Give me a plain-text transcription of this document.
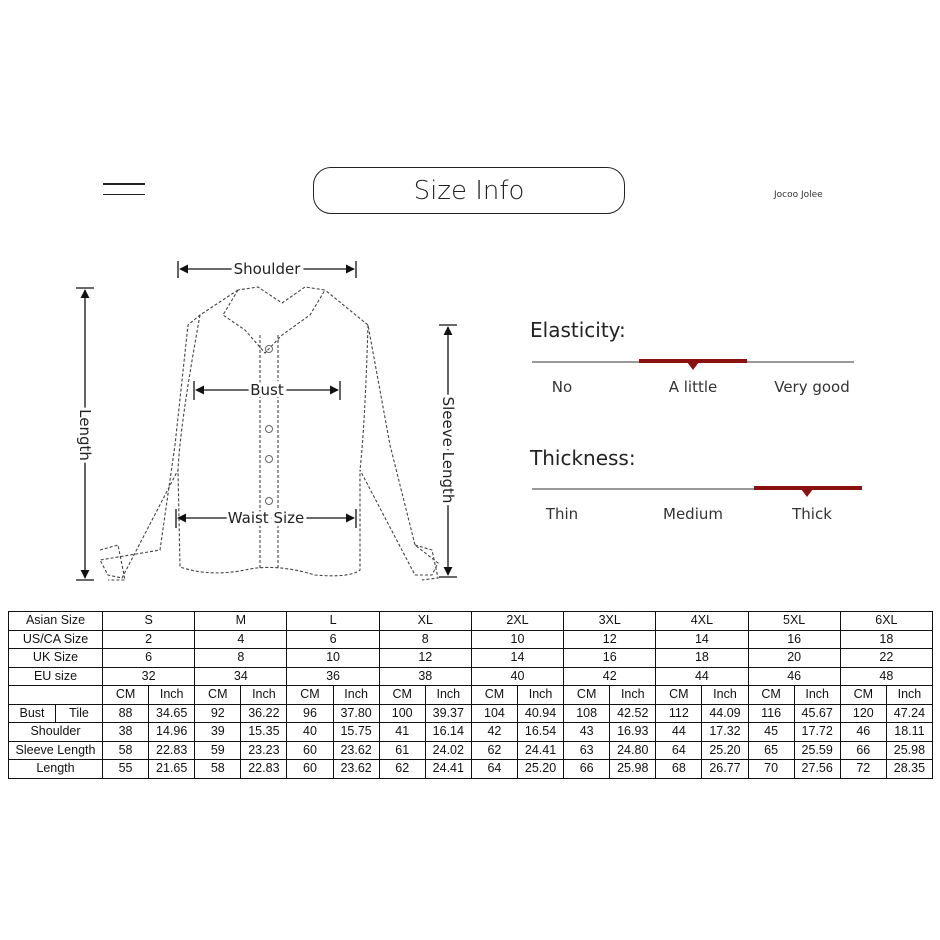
Size Info	Jocoo Jolee
Shoulder
Bust
Waist Size
Length	Sleeve Length
Elasticity:
No	A little	Very good
Thickness:
Thin	Medium	Thick
Asian Size		S		M		L		XL		2XL		3XL		4XL		5XL		6XL	
US/CA Size		2		4		6		8		10		12		14		16		18	
UK Size		6		8		10		12		14		16		18		20		22	
EU size		32		34		36		38		40		42		44		46		48	
		CM	Inch	CM	Inch	CM	Inch	CM	Inch	CM	Inch	CM	Inch	CM	Inch	CM	Inch	CM	Inch
Bust	Tile	88	34.65	92	36.22	96	37.80	100	39.37	104	40.94	108	42.52	112	44.09	116	45.67	120	47.24
Shoulder		38	14.96	39	15.35	40	15.75	41	16.14	42	16.54	43	16.93	44	17.32	45	17.72	46	18.11
Sleeve Length		58	22.83	59	23.23	60	23.62	61	24.02	62	24.41	63	24.80	64	25.20	65	25.59	66	25.98
Length		55	21.65	58	22.83	60	23.62	62	24.41	64	25.20	66	25.98	68	26.77	70	27.56	72	28.35
